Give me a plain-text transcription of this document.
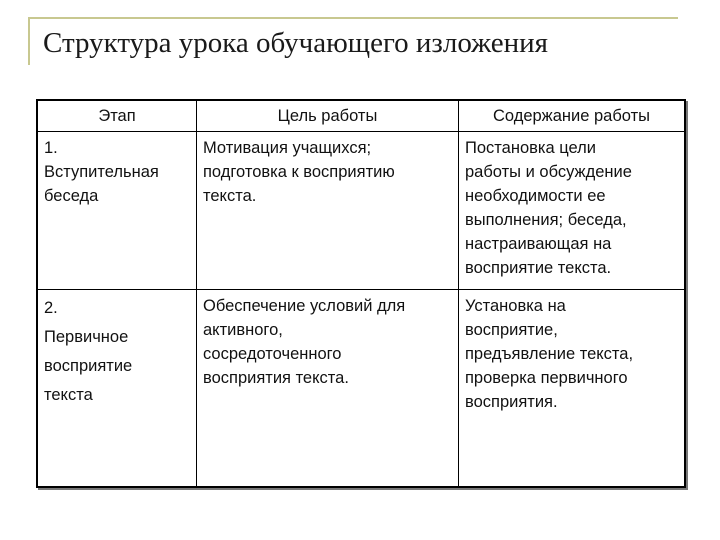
Структура урока обучающего изложения
Этап	Цель работы	Содержание работы
1.
Вступительная
беседа
Мотивация учащихся;
подготовка к восприятию
текста.
Постановка цели
работы и обсуждение
необходимости ее
выполнения; беседа,
настраивающая на
восприятие текста.
2.
Первичное
восприятие
текста
Обеспечение условий для
активного,
сосредоточенного
восприятия текста.
Установка на
восприятие,
предъявление текста,
проверка первичного
восприятия.
